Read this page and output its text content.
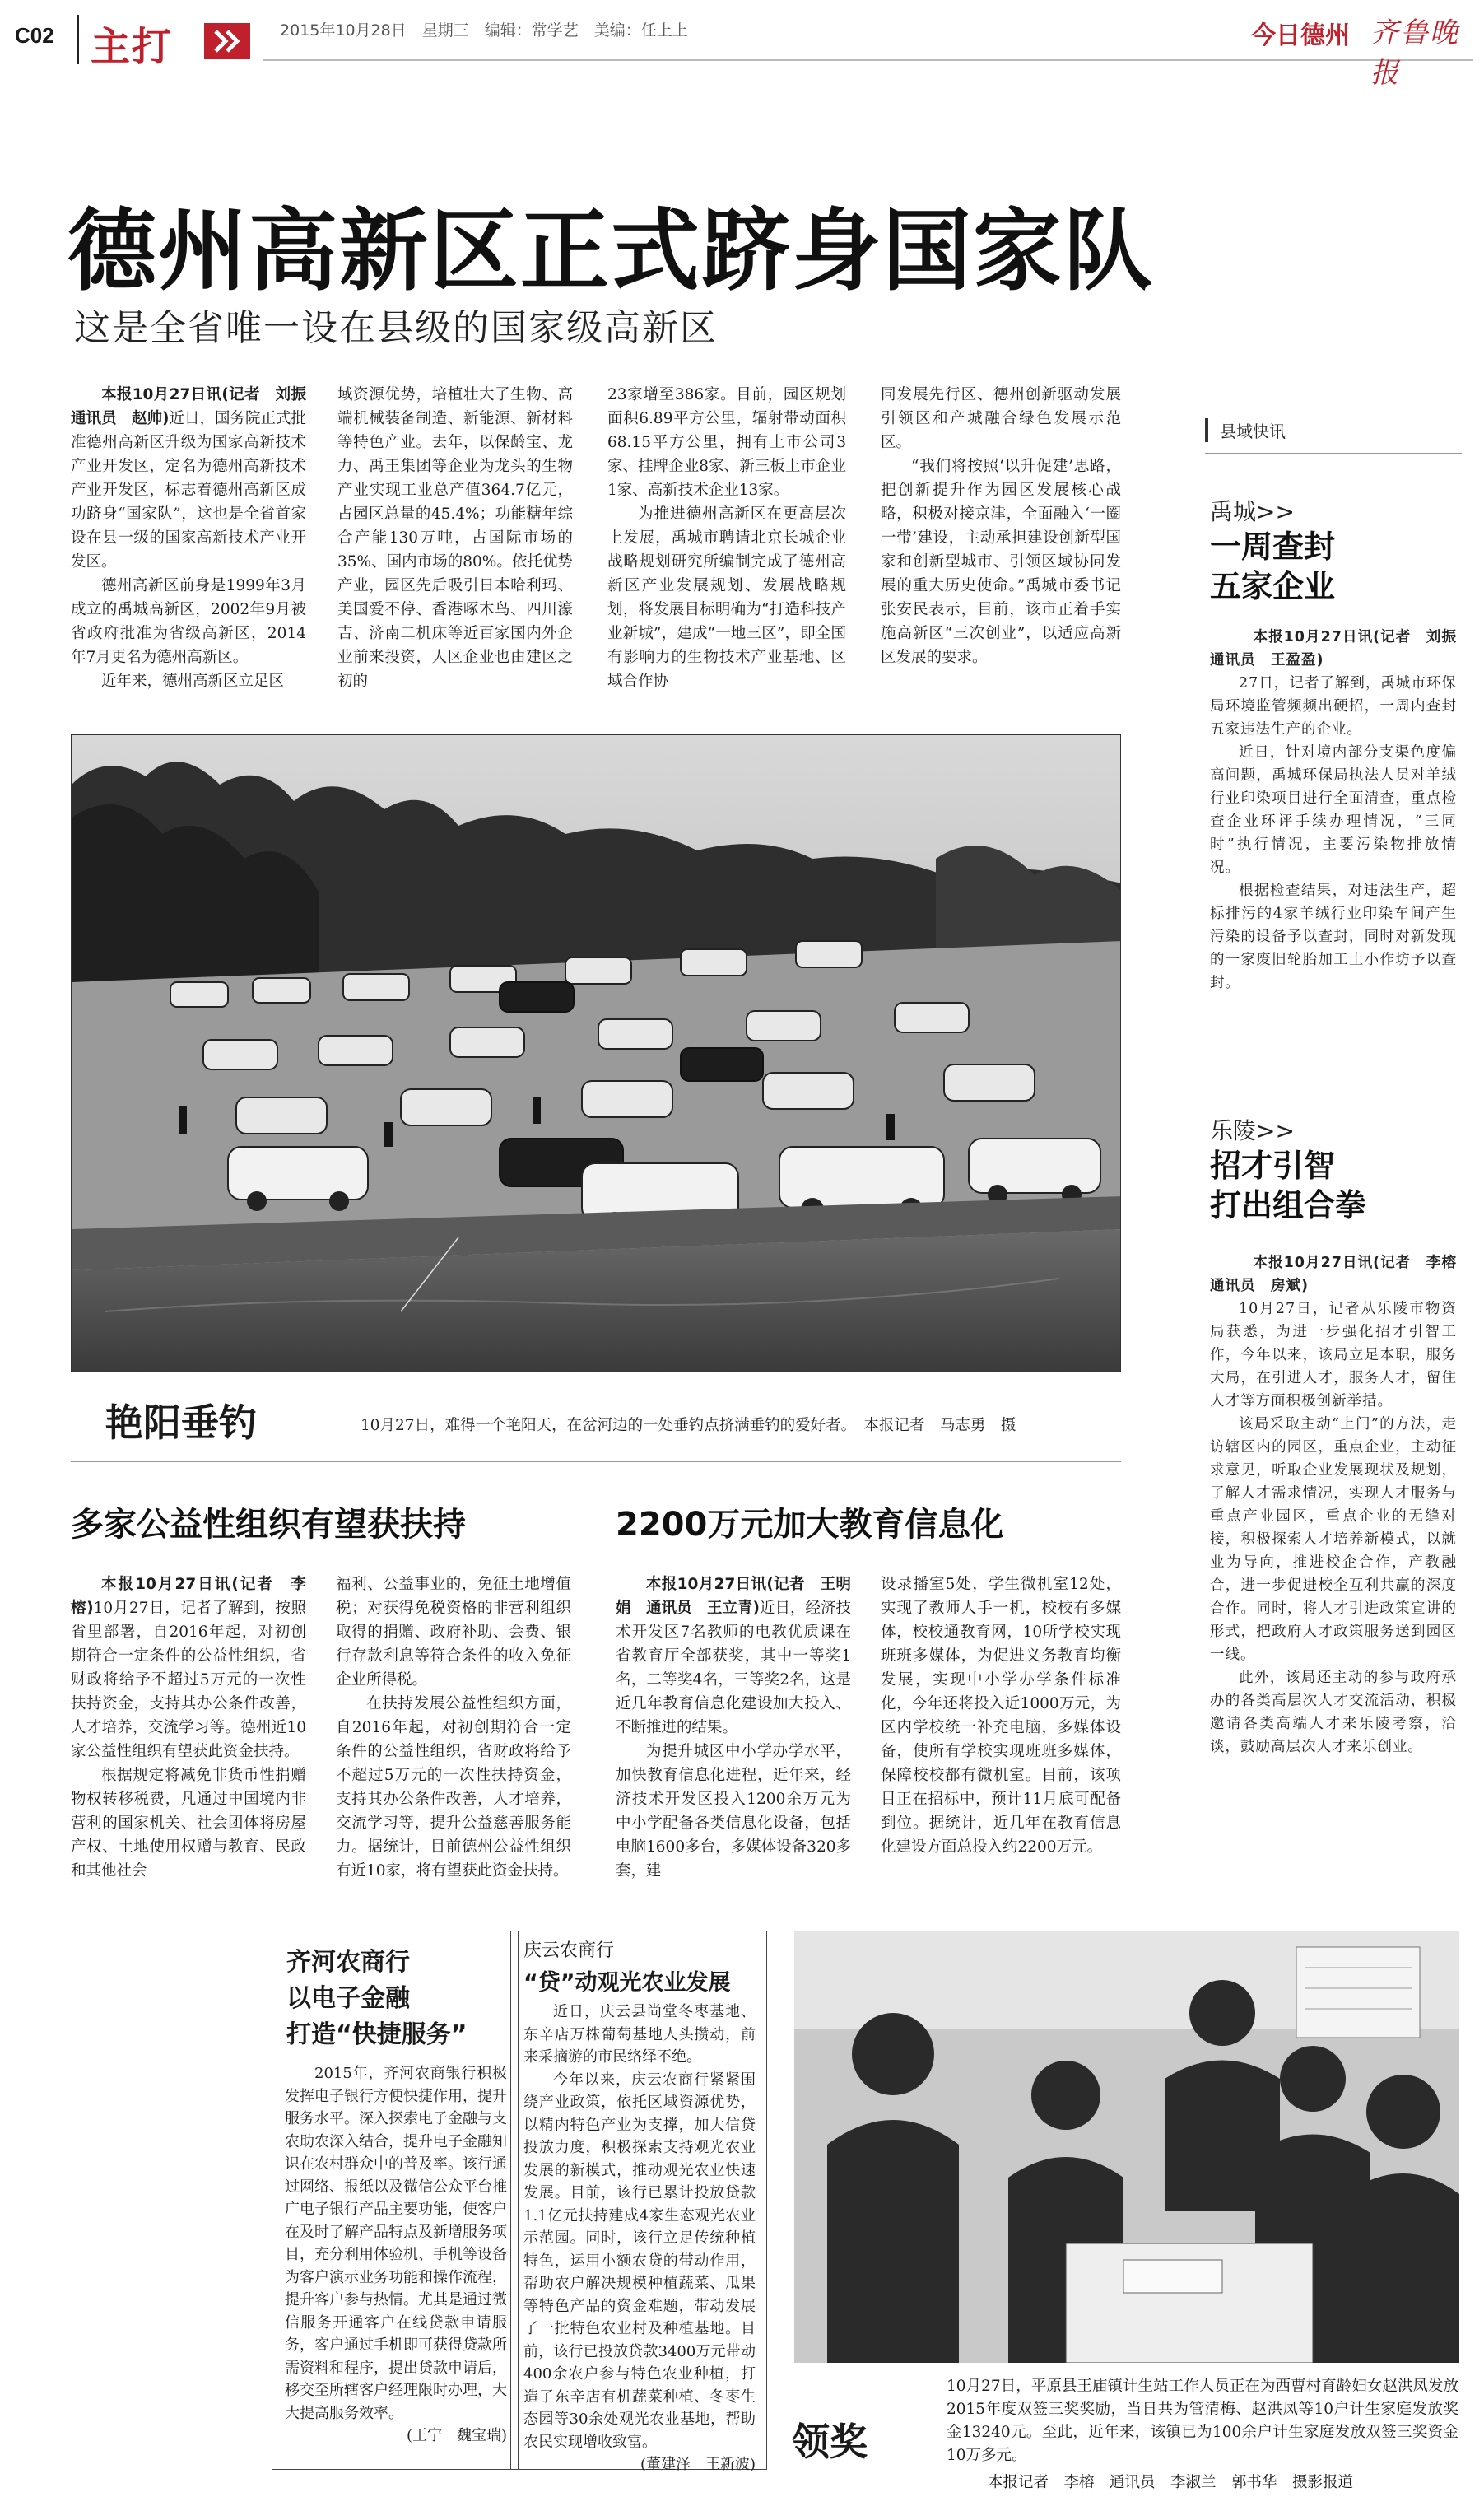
C02 主打	2015年10月28日　星期三　编辑：常学艺　美编：任上上	今日德州 齐鲁晚报
德州高新区正式跻身国家队
这是全省唯一设在县级的国家级高新区

本报10月27日讯(记者　刘振　通讯员　赵帅)近日，国务院正式批准德州高新区升级为国家高新技术产业开发区，定名为德州高新技术产业开发区，标志着德州高新区成功跻身“国家队”，这也是全省首家设在县一级的国家高新技术产业开发区。

德州高新区前身是1999年3月成立的禹城高新区，2002年9月被省政府批准为省级高新区，2014年7月更名为德州高新区。

近年来，德州高新区立足区

域资源优势，培植壮大了生物、高端机械装备制造、新能源、新材料等特色产业。去年，以保龄宝、龙力、禹王集团等企业为龙头的生物产业实现工业总产值364.7亿元，占园区总量的45.4%；功能糖年综合产能130万吨，占国际市场的35%、国内市场的80%。依托优势产业，园区先后吸引日本哈利玛、美国爱不停、香港啄木鸟、四川濠吉、济南二机床等近百家国内外企业前来投资，人区企业也由建区之初的

23家增至386家。目前，园区规划面积6.89平方公里，辐射带动面积68.15平方公里，拥有上市公司3家、挂牌企业8家、新三板上市企业1家、高新技术企业13家。

为推进德州高新区在更高层次上发展，禹城市聘请北京长城企业战略规划研究所编制完成了德州高新区产业发展规划、发展战略规划，将发展目标明确为“打造科技产业新城”，建成“一地三区”，即全国有影响力的生物技术产业基地、区域合作协

同发展先行区、德州创新驱动发展引领区和产城融合绿色发展示范区。

“我们将按照‘以升促建’思路，把创新提升作为园区发展核心战略，积极对接京津，全面融入‘一圈一带’建设，主动承担建设创新型国家和创新型城市、引领区域协同发展的重大历史使命。”禹城市委书记张安民表示，目前，该市正着手实施高新区“三次创业”，以适应高新区发展的要求。

艳阳垂钓	10月27日，难得一个艳阳天，在岔河边的一处垂钓点挤满垂钓的爱好者。　本报记者　马志勇　摄
县域快讯
禹城>>
一周查封
五家企业

本报10月27日讯(记者　刘振　通讯员　王盈盈)

27日，记者了解到，禹城市环保局环境监管频频出硬招，一周内查封五家违法生产的企业。

近日，针对境内部分支渠色度偏高问题，禹城环保局执法人员对羊绒行业印染项目进行全面清查，重点检查企业环评手续办理情况，“三同时”执行情况，主要污染物排放情况。

根据检查结果，对违法生产，超标排污的4家羊绒行业印染车间产生污染的设备予以查封，同时对新发现的一家废旧轮胎加工土小作坊予以查封。

乐陵>>
招才引智
打出组合拳

本报10月27日讯(记者　李榕　通讯员　房斌)

10月27日，记者从乐陵市物资局获悉，为进一步强化招才引智工作，今年以来，该局立足本职，服务大局，在引进人才，服务人才，留住人才等方面积极创新举措。

该局采取主动“上门”的方法，走访辖区内的园区，重点企业，主动征求意见，听取企业发展现状及规划，了解人才需求情况，实现人才服务与重点产业园区，重点企业的无缝对接，积极探索人才培养新模式，以就业为导向，推进校企合作，产教融合，进一步促进校企互利共赢的深度合作。同时，将人才引进政策宣讲的形式，把政府人才政策服务送到园区一线。

此外，该局还主动的参与政府承办的各类高层次人才交流活动，积极邀请各类高端人才来乐陵考察，洽谈，鼓励高层次人才来乐创业。

多家公益性组织有望获扶持

本报10月27日讯(记者　李榕)10月27日，记者了解到，按照省里部署，自2016年起，对初创期符合一定条件的公益性组织，省财政将给予不超过5万元的一次性扶持资金，支持其办公条件改善，人才培养，交流学习等。德州近10家公益性组织有望获此资金扶持。

根据规定将减免非货币性捐赠物权转移税费，凡通过中国境内非营利的国家机关、社会团体将房屋产权、土地使用权赠与教育、民政和其他社会

福利、公益事业的，免征土地增值税；对获得免税资格的非营利组织取得的捐赠、政府补助、会费、银行存款利息等符合条件的收入免征企业所得税。

在扶持发展公益性组织方面，自2016年起，对初创期符合一定条件的公益性组织，省财政将给予不超过5万元的一次性扶持资金，支持其办公条件改善，人才培养，交流学习等，提升公益慈善服务能力。据统计，目前德州公益性组织有近10家，将有望获此资金扶持。

2200万元加大教育信息化

本报10月27日讯(记者　王明娟　通讯员　王立青)近日，经济技术开发区7名教师的电教优质课在省教育厅全部获奖，其中一等奖1名，二等奖4名，三等奖2名，这是近几年教育信息化建设加大投入、不断推进的结果。

为提升城区中小学办学水平，加快教育信息化进程，近年来，经济技术开发区投入1200余万元为中小学配备各类信息化设备，包括电脑1600多台，多媒体设备320多套，建

设录播室5处，学生微机室12处，实现了教师人手一机，校校有多媒体，校校通教育网，10所学校实现班班多媒体，为促进义务教育均衡发展，实现中小学办学条件标准化，今年还将投入近1000万元，为区内学校统一补充电脑，多媒体设备，使所有学校实现班班多媒体，保障校校都有微机室。目前，该项目正在招标中，预计11月底可配备到位。据统计，近几年在教育信息化建设方面总投入约2200万元。

齐河农商行
以电子金融
打造“快捷服务”

2015年，齐河农商银行积极发挥电子银行方便快捷作用，提升服务水平。深入探索电子金融与支农助农深入结合，提升电子金融知识在农村群众中的普及率。该行通过网络、报纸以及微信公众平台推广电子银行产品主要功能，使客户在及时了解产品特点及新增服务项目，充分利用体验机、手机等设备为客户演示业务功能和操作流程，提升客户参与热情。尤其是通过微信服务开通客户在线贷款申请服务，客户通过手机即可获得贷款所需资料和程序，提出贷款申请后，移交至所辖客户经理限时办理，大大提高服务效率。

(王宁　魏宝瑞)

庆云农商行
“贷”动观光农业发展

近日，庆云县尚堂冬枣基地、东辛店万株葡萄基地人头攒动，前来采摘游的市民络绎不绝。

今年以来，庆云农商行紧紧围绕产业政策，依托区域资源优势，以精内特色产业为支撑，加大信贷投放力度，积极探索支持观光农业发展的新模式，推动观光农业快速发展。目前，该行已累计投放贷款1.1亿元扶持建成4家生态观光农业示范园。同时，该行立足传统种植特色，运用小额农贷的带动作用，帮助农户解决规模种植蔬菜、瓜果等特色产品的资金难题，带动发展了一批特色农业村及种植基地。目前，该行已投放贷款3400万元带动400余农户参与特色农业种植，打造了东辛店有机蔬菜种植、冬枣生态园等30余处观光农业基地，帮助农民实现增收致富。

(董建泽　王新波)

领奖
10月27日，平原县王庙镇计生站工作人员正在为西曹村育龄妇女赵洪凤发放2015年度双签三奖奖励，当日共为管清梅、赵洪凤等10户计生家庭发放奖金13240元。至此，近年来，该镇已为100余户计生家庭发放双签三奖资金10万多元。
本报记者　李榕　通讯员　李淑兰　郭书华　摄影报道
